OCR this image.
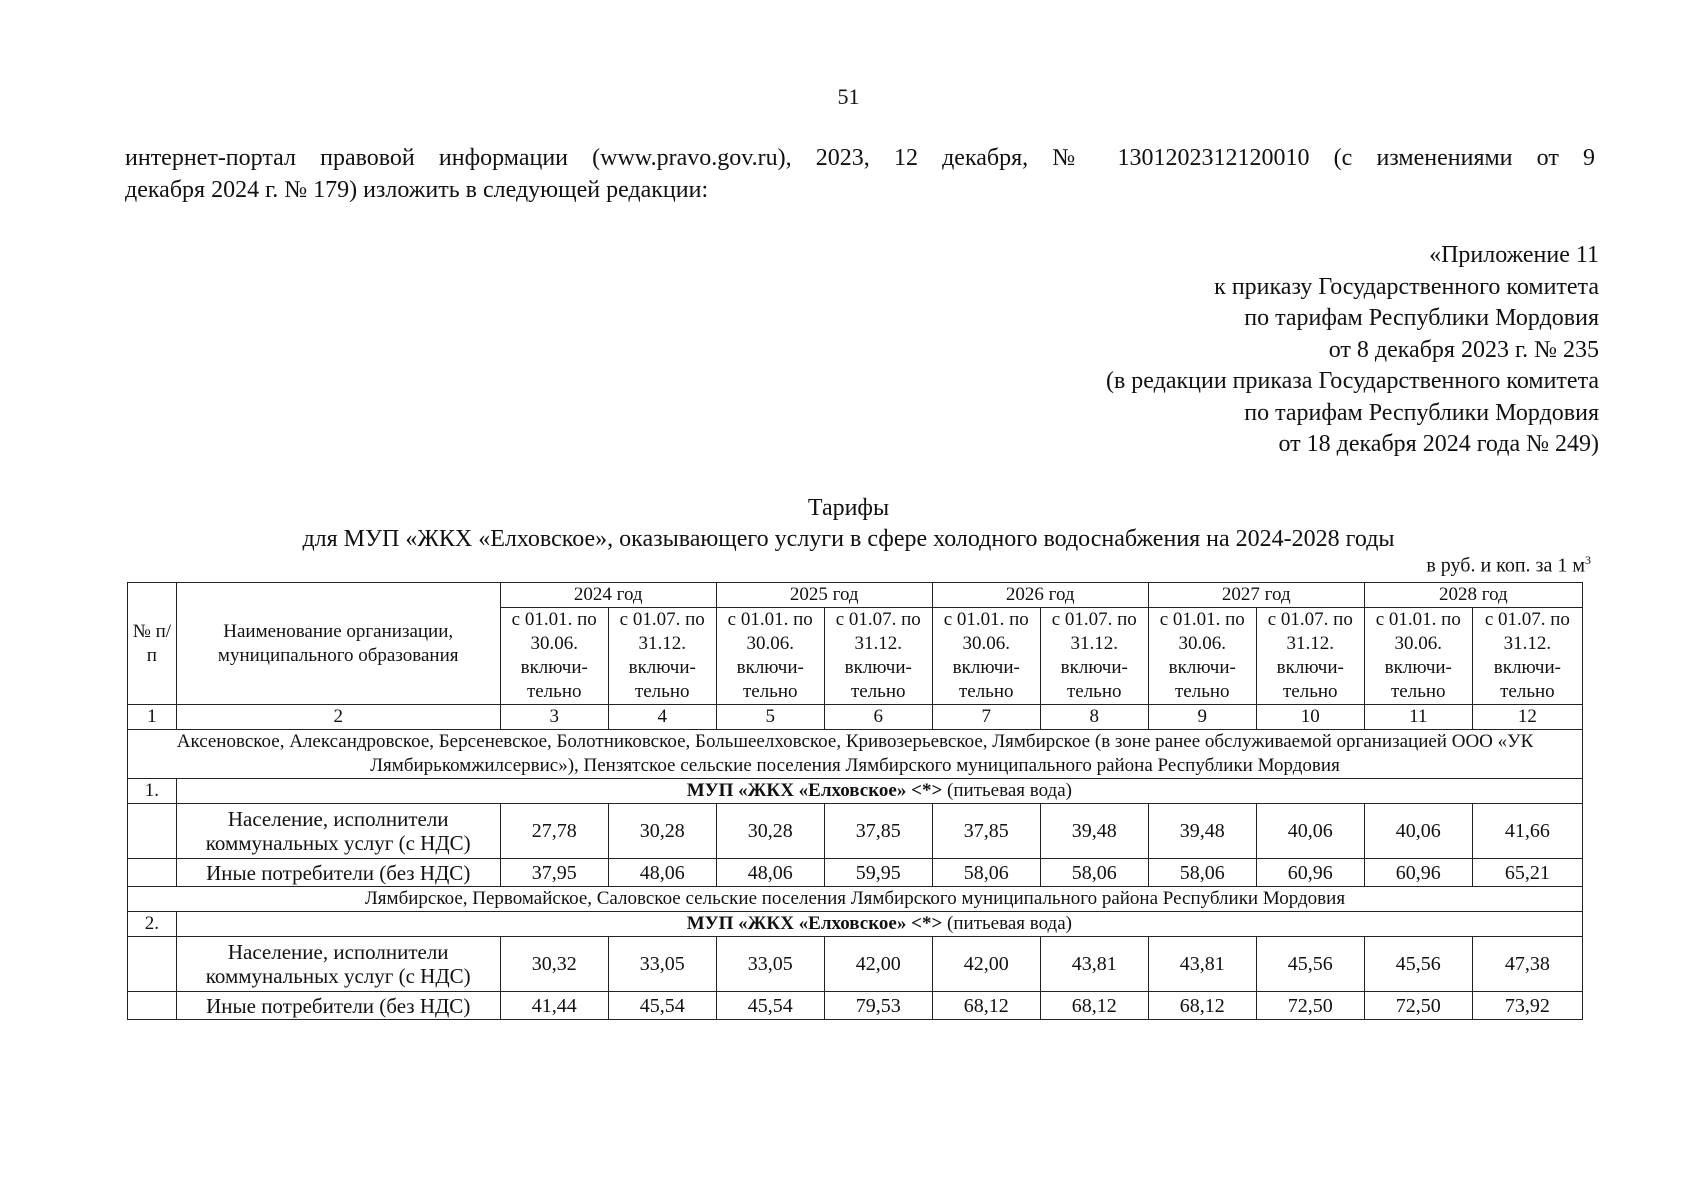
51
интернет-портал правовой информации (www.pravo.gov.ru), 2023, 12 декабря, № 1301202312120010 (с изменениями от 9
декабря 2024 г. № 179) изложить в следующей редакции:
«Приложение 11
к приказу Государственного комитета
по тарифам Республики Мордовия
от 8 декабря 2023 г. № 235
(в редакции приказа Государственного комитета
по тарифам Республики Мордовия
от 18 декабря 2024 года № 249)
Тарифы
для МУП «ЖКХ «Елховское», оказывающего услуги в сфере холодного водоснабжения на 2024-2028 годы
в руб. и коп. за 1 $м^3$
№ п/п	Наименование организации, муниципального образования	2024 год		2025 год		2026 год		2027 год		2028 год	
		с 01.01. по 30.06. включи-тельно	с 01.07. по 31.12. включи-тельно	с 01.01. по 30.06. включи-тельно	с 01.07. по 31.12. включи-тельно	с 01.01. по 30.06. включи-тельно	с 01.07. по 31.12. включи-тельно	с 01.01. по 30.06. включи-тельно	с 01.07. по 31.12. включи-тельно	с 01.01. по 30.06. включи-тельно	с 01.07. по 31.12. включи-тельно
1	2	3	4	5	6	7	8	9	10	11	12
Аксеновское, Александровское, Берсеневское, Болотниковское, Большеелховское, Кривозерьевское, Лямбирское (в зоне ранее обслуживаемой организацией ООО «УК Лямбирькомжилсервис»), Пензятское сельские поселения Лямбирского муниципального района Республики Мордовия											
1.	МУП «ЖКХ «Елховское» <*> (питьевая вода)										
	Население, исполнители коммунальных услуг (с НДС)	27,78	30,28	30,28	37,85	37,85	39,48	39,48	40,06	40,06	41,66
	Иные потребители (без НДС)	37,95	48,06	48,06	59,95	58,06	58,06	58,06	60,96	60,96	65,21
Лямбирское, Первомайское, Саловское сельские поселения Лямбирского муниципального района Республики Мордовия											
2.	МУП «ЖКХ «Елховское» <*> (питьевая вода)										
	Население, исполнители коммунальных услуг (с НДС)	30,32	33,05	33,05	42,00	42,00	43,81	43,81	45,56	45,56	47,38
	Иные потребители (без НДС)	41,44	45,54	45,54	79,53	68,12	68,12	68,12	72,50	72,50	73,92
